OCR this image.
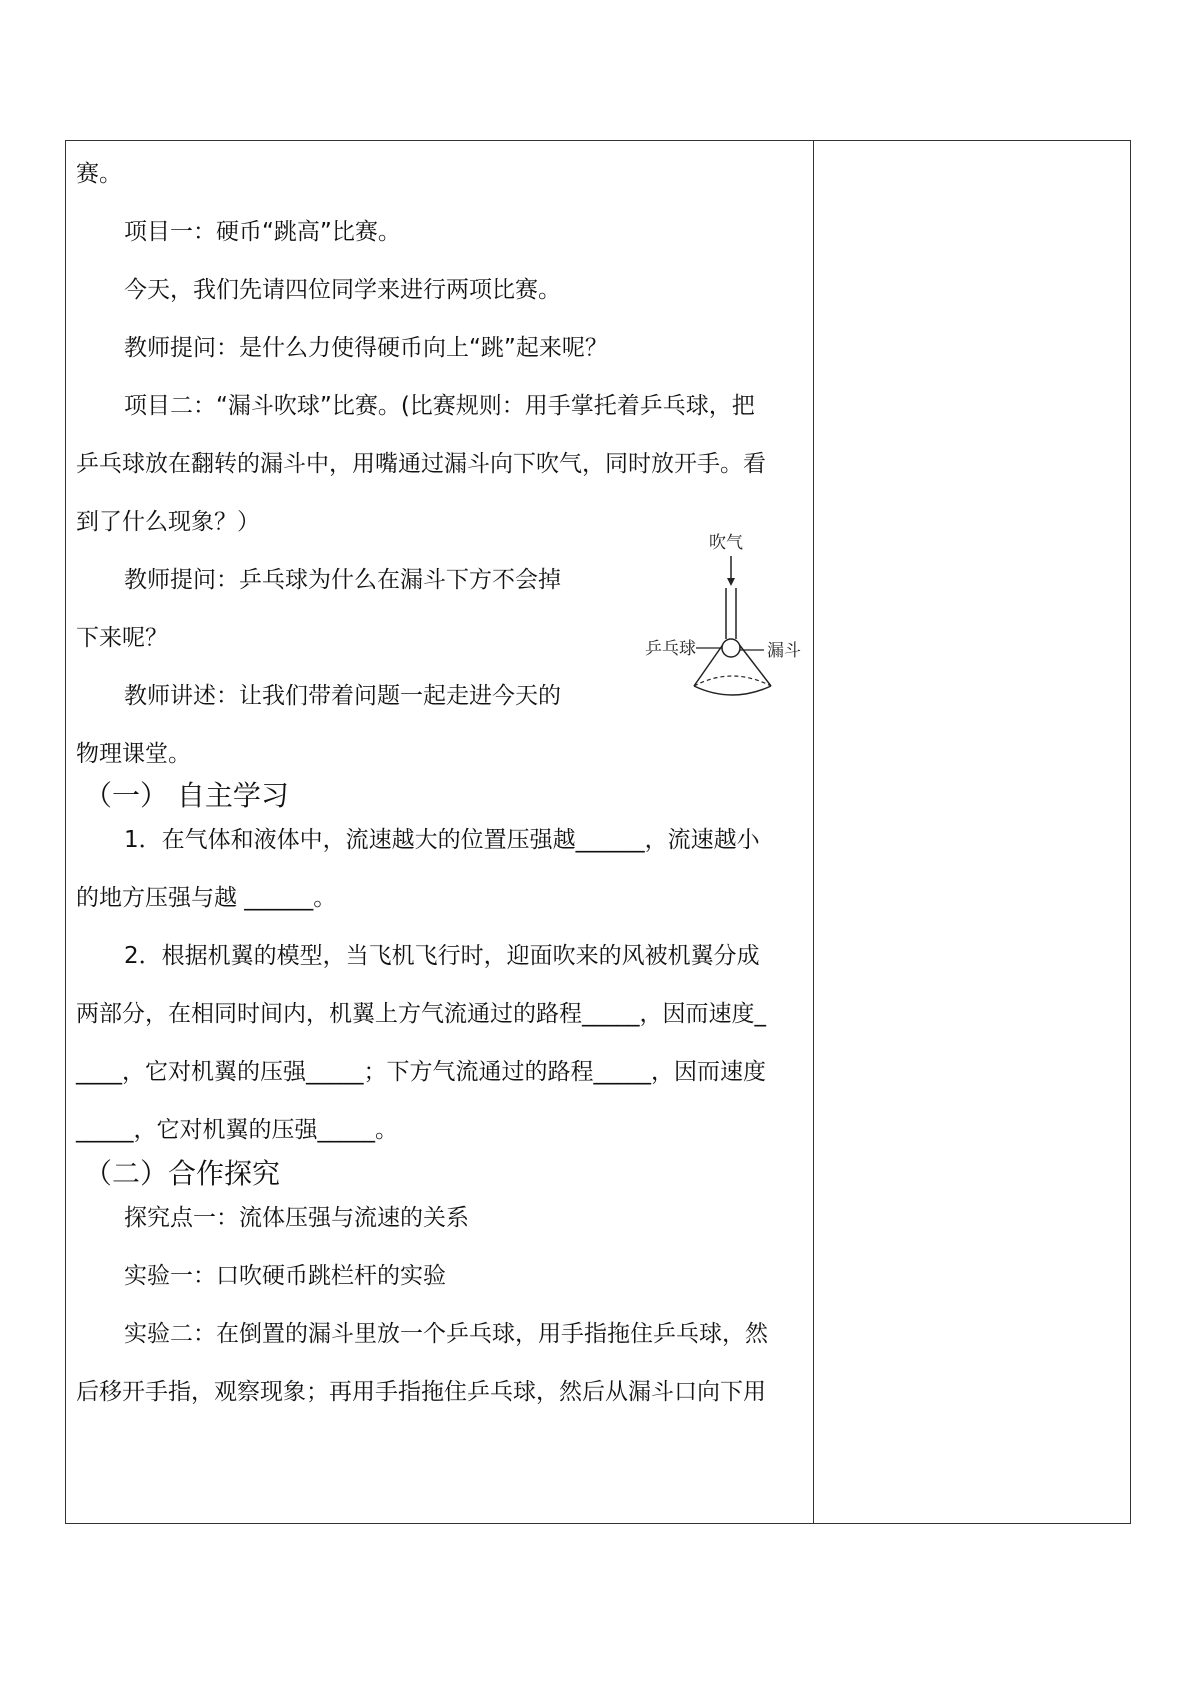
赛。
项目一：硬币“跳高”比赛。
今天，我们先请四位同学来进行两项比赛。
教师提问：是什么力使得硬币向上“跳”起来呢？
项目二：“漏斗吹球”比赛。(比赛规则：用手掌托着乒乓球，把
乒乓球放在翻转的漏斗中，用嘴通过漏斗向下吹气，同时放开手。看
到了什么现象？）
教师提问：乒乓球为什么在漏斗下方不会掉
下来呢？
教师讲述：让我们带着问题一起走进今天的
物理课堂。
（一） 自主学习
1．在气体和液体中，流速越大的位置压强越______，流速越小
的地方压强与越 ______。
2．根据机翼的模型，当飞机飞行时，迎面吹来的风被机翼分成
两部分，在相同时间内，机翼上方气流通过的路程_____，因而速度_
____，它对机翼的压强_____；下方气流通过的路程_____，因而速度
_____，它对机翼的压强_____。
（二）合作探究
探究点一：流体压强与流速的关系
实验一：口吹硬币跳栏杆的实验
实验二：在倒置的漏斗里放一个乒乓球，用手指拖住乒乓球，然
后移开手指，观察现象；再用手指拖住乒乓球，然后从漏斗口向下用
吹气
乒乓球	漏斗
